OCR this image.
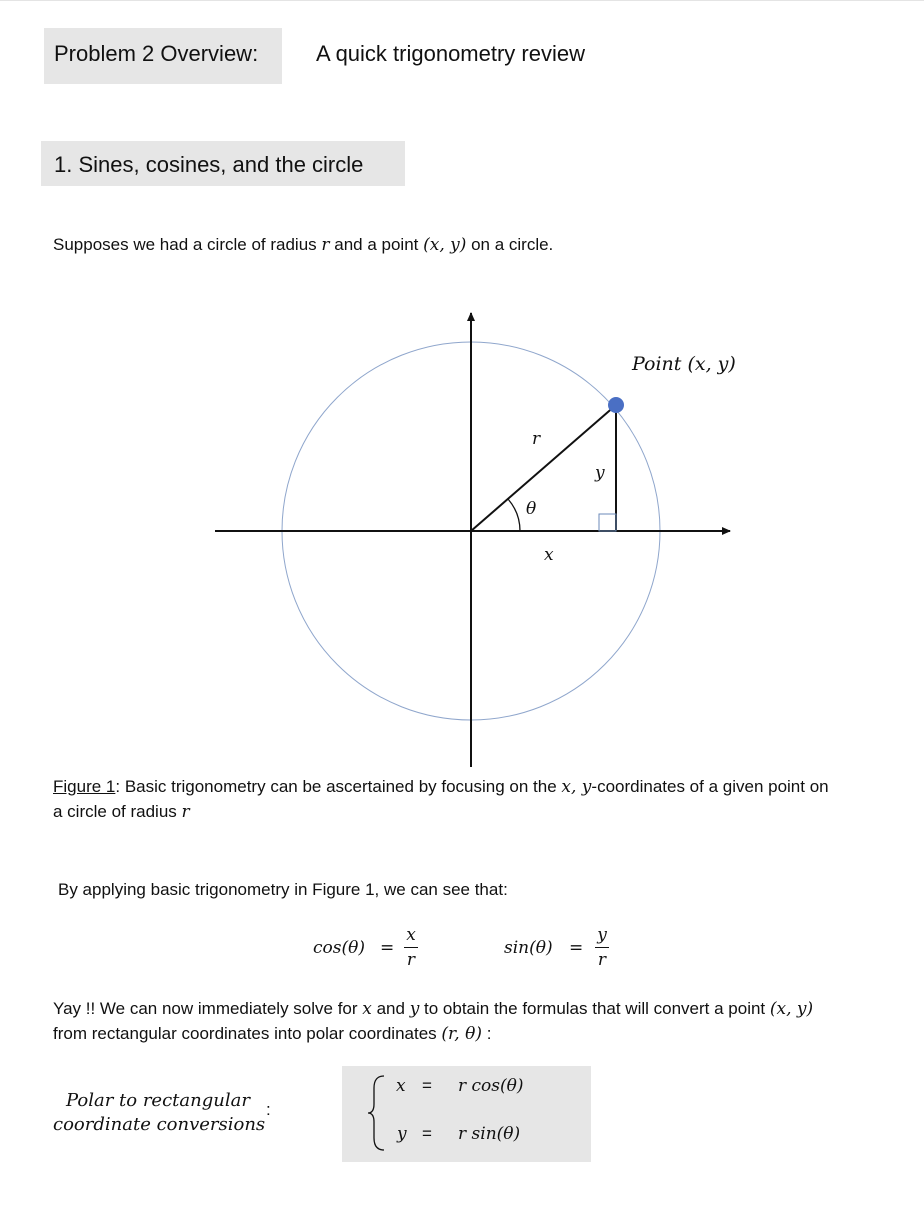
Problem 2 Overview:	A quick trigonometry review
1. Sines, cosines, and the circle
Supposes we had a circle of radius r and a point (x, y) on a circle.
Point (x, y)
r
y
θ
x
Figure 1: Basic trigonometry can be ascertained by focusing on the x, y-coordinates of a given point on
a circle of radius r
By applying basic trigonometry in Figure 1, we can see that:
cos(θ) =
x
r
sin(θ) =
y
r
Yay !! We can now immediately solve for x and y to obtain the formulas that will convert a point (x, y)
from rectangular coordinates into polar coordinates (r, θ) :
Polar to rectangular
coordinate conversions
:
x = r cos(θ)
y = r sin(θ)
